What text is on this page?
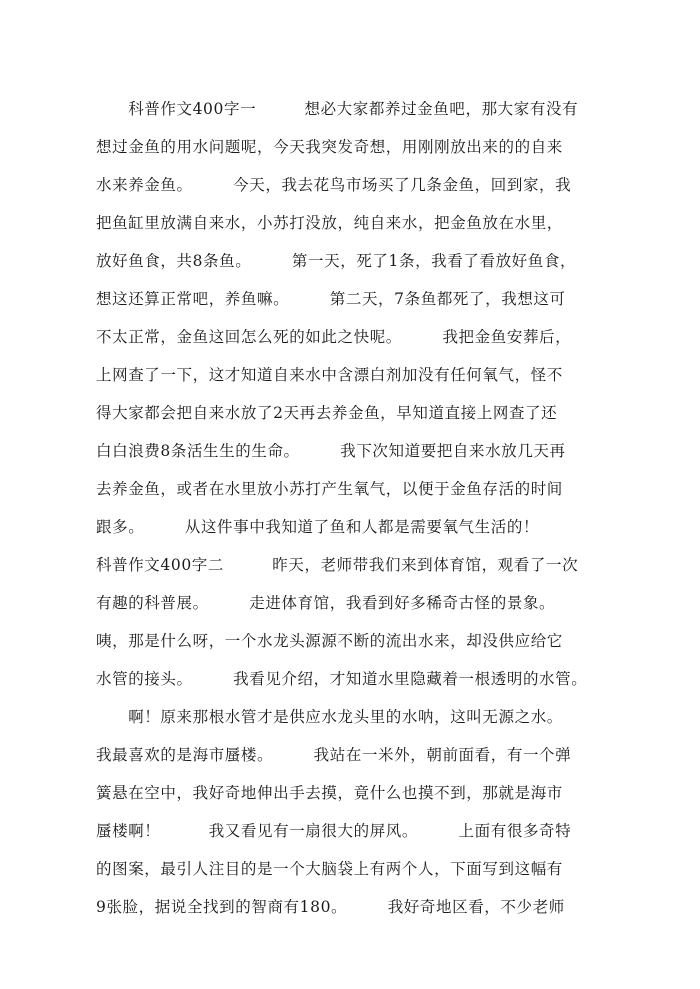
　　科普作文400字一　　　想必大家都养过金鱼吧，那大家有没有
想过金鱼的用水问题呢，今天我突发奇想，用刚刚放出来的的自来
水来养金鱼。　　　今天，我去花鸟市场买了几条金鱼，回到家，我
把鱼缸里放满自来水，小苏打没放，纯自来水，把金鱼放在水里，
放好鱼食，共8条鱼。　　　第一天，死了1条，我看了看放好鱼食，
想这还算正常吧，养鱼嘛。　　　第二天，7条鱼都死了，我想这可
不太正常，金鱼这回怎么死的如此之快呢。　　　我把金鱼安葬后，
上网查了一下，这才知道自来水中含漂白剂加没有任何氧气，怪不
得大家都会把自来水放了2天再去养金鱼，早知道直接上网查了还
白白浪费8条活生生的生命。　　　我下次知道要把自来水放几天再
去养金鱼，或者在水里放小苏打产生氧气，以便于金鱼存活的时间
跟多。　　　从这件事中我知道了鱼和人都是需要氧气生活的！
科普作文400字二　　　昨天，老师带我们来到体育馆，观看了一次
有趣的科普展。　　　走进体育馆，我看到好多稀奇古怪的景象。
咦，那是什么呀，一个水龙头源源不断的流出水来，却没供应给它
水管的接头。　　　我看见介绍，才知道水里隐藏着一根透明的水管。
　　啊！原来那根水管才是供应水龙头里的水呐，这叫无源之水。
我最喜欢的是海市蜃楼。　　　我站在一米外，朝前面看，有一个弹
簧悬在空中，我好奇地伸出手去摸，竟什么也摸不到，那就是海市
蜃楼啊！　　　我又看见有一扇很大的屏风。　　　上面有很多奇特
的图案，最引人注目的是一个大脑袋上有两个人，下面写到这幅有
9张脸，据说全找到的智商有180。　　　我好奇地区看，不少老师
